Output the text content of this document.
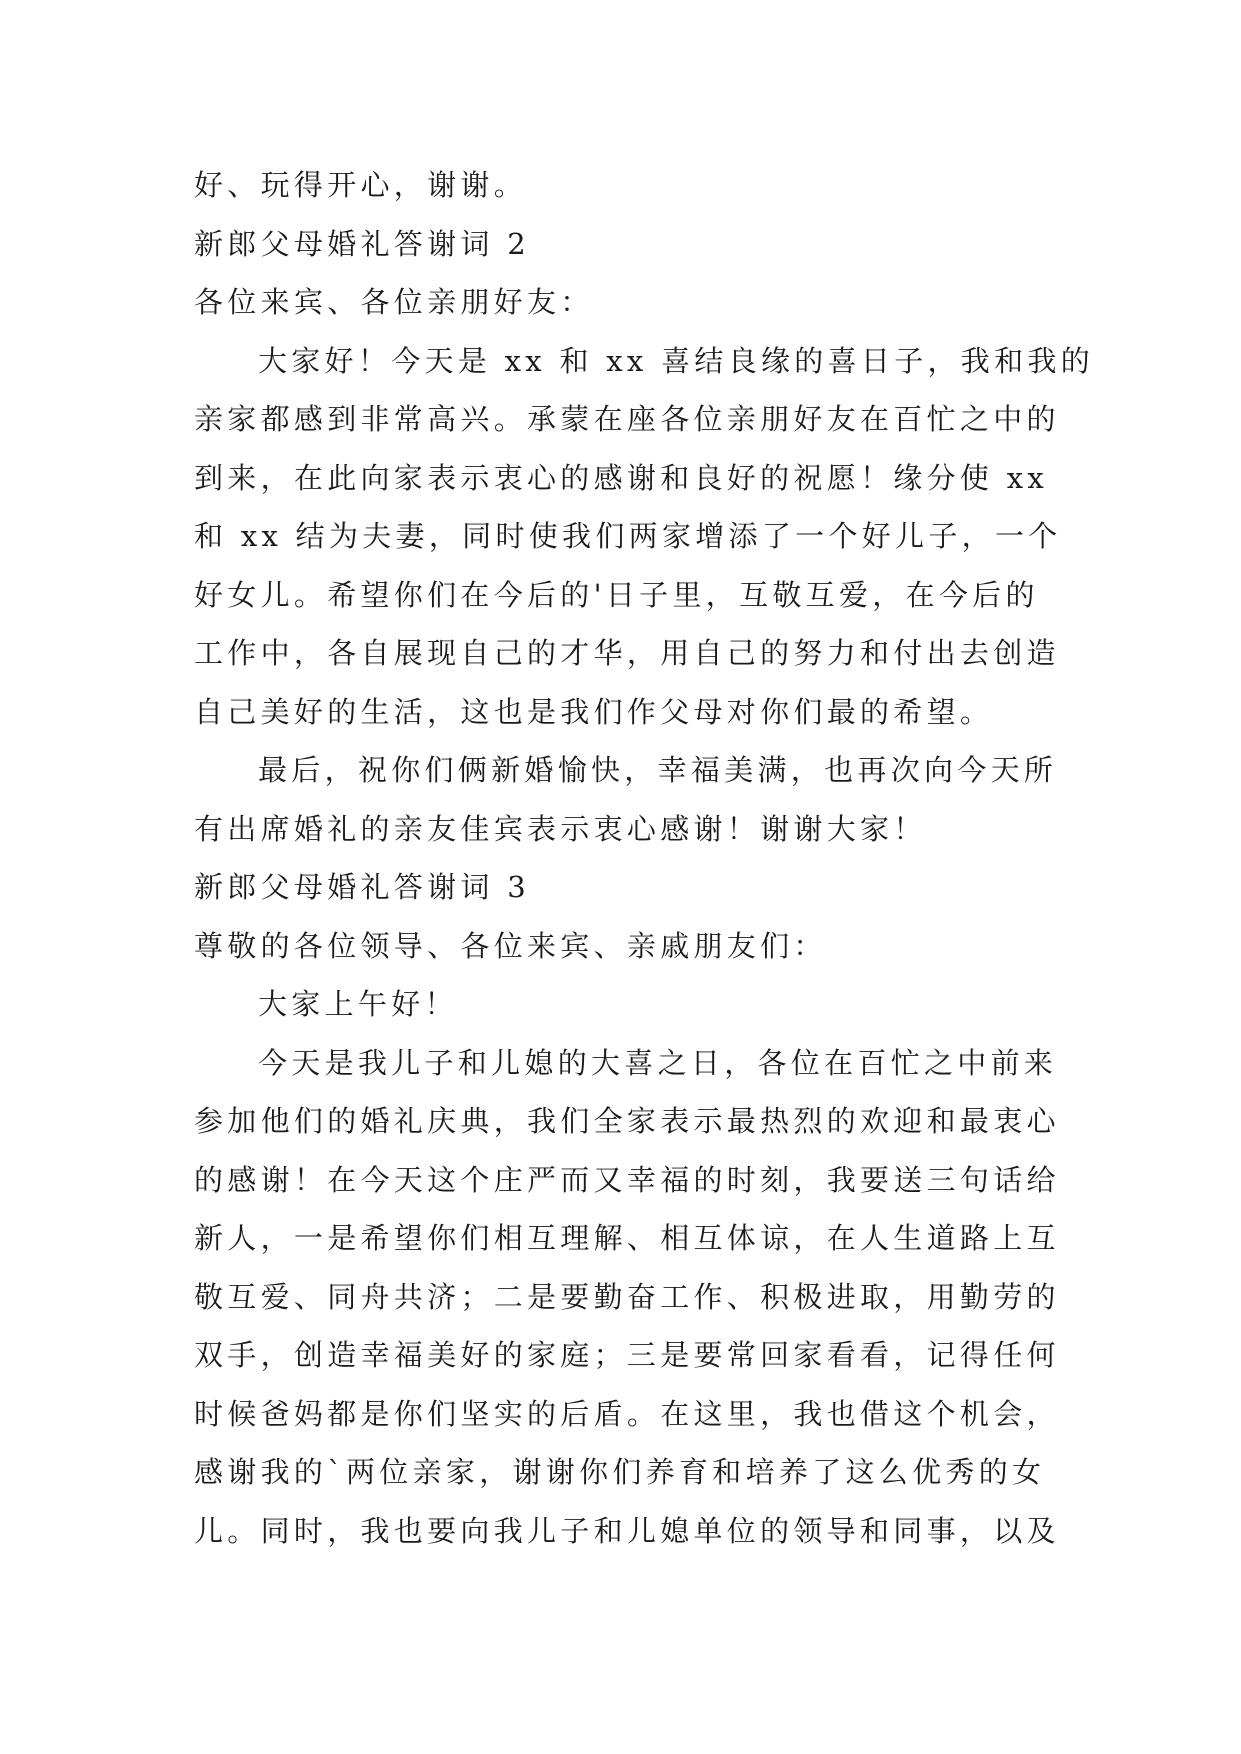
好、玩得开心，谢谢。
新郎父母婚礼答谢词 2
各位来宾、各位亲朋好友：
大家好！今天是 xx 和 xx 喜结良缘的喜日子，我和我的
亲家都感到非常高兴。承蒙在座各位亲朋好友在百忙之中的
到来，在此向家表示衷心的感谢和良好的祝愿！缘分使 xx
和 xx 结为夫妻，同时使我们两家增添了一个好儿子，一个
好女儿。希望你们在今后的'日子里，互敬互爱，在今后的
工作中，各自展现自己的才华，用自己的努力和付出去创造
自己美好的生活，这也是我们作父母对你们最的希望。
最后，祝你们俩新婚愉快，幸福美满，也再次向今天所
有出席婚礼的亲友佳宾表示衷心感谢！谢谢大家！
新郎父母婚礼答谢词 3
尊敬的各位领导、各位来宾、亲戚朋友们：
大家上午好！
今天是我儿子和儿媳的大喜之日，各位在百忙之中前来
参加他们的婚礼庆典，我们全家表示最热烈的欢迎和最衷心
的感谢！在今天这个庄严而又幸福的时刻，我要送三句话给
新人，一是希望你们相互理解、相互体谅，在人生道路上互
敬互爱、同舟共济；二是要勤奋工作、积极进取，用勤劳的
双手，创造幸福美好的家庭；三是要常回家看看，记得任何
时候爸妈都是你们坚实的后盾。在这里，我也借这个机会，
感谢我的`两位亲家，谢谢你们养育和培养了这么优秀的女
儿。同时，我也要向我儿子和儿媳单位的领导和同事，以及
